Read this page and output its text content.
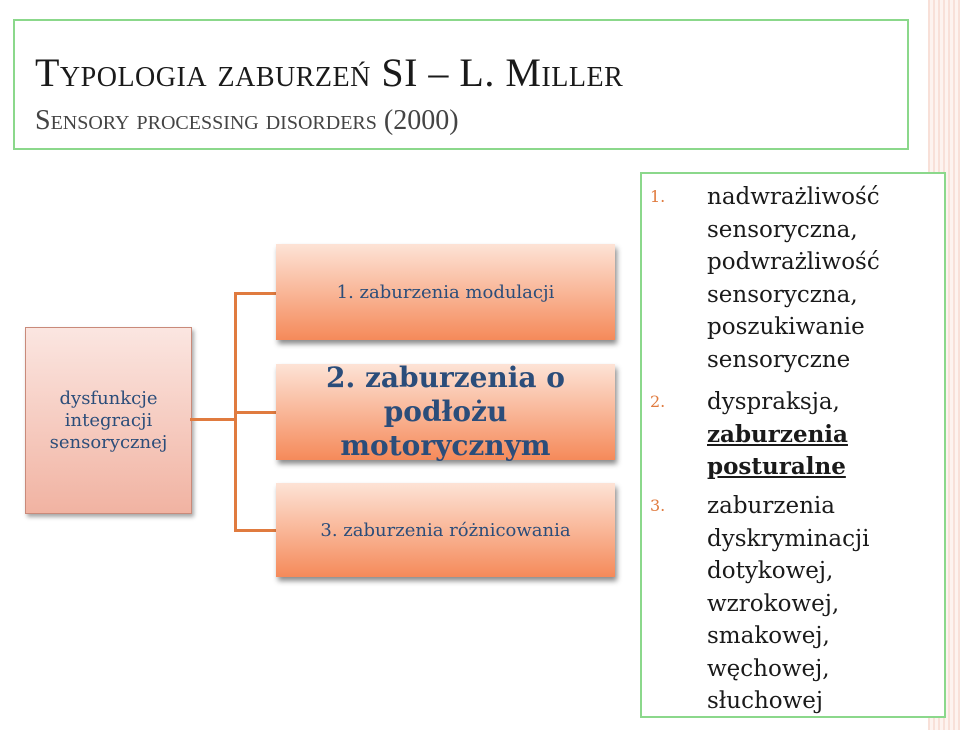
Typologia zaburzeń SI – L. Miller
Sensory processing disorders (2000)
dysfunkcje integracji sensorycznej
1. zaburzenia modulacji
2. zaburzenia o podłożu motorycznym
3. zaburzenia różnicowania
1.	nadwrażliwość
sensoryczna,
podwrażliwość
sensoryczna,
poszukiwanie
sensoryczne
2.	dyspraksja,
zaburzenia
posturalne
3.	zaburzenia
dyskryminacji
dotykowej,
wzrokowej,
smakowej,
węchowej,
słuchowej
